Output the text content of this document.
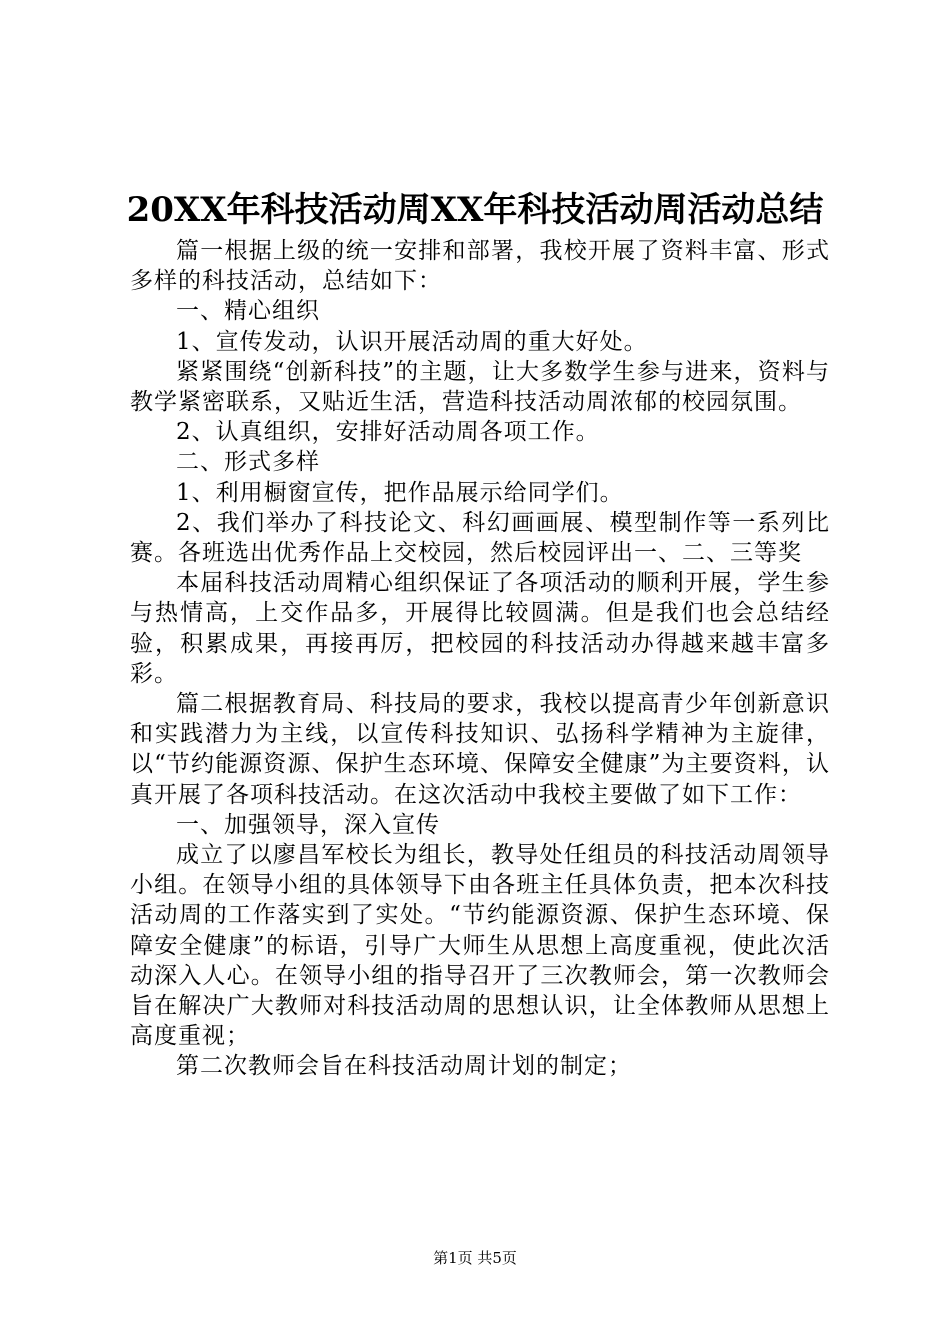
20XX年科技活动周XX年科技活动周活动总结

篇一根据上级的统一安排和部署，我校开展了资料丰富、形式多样的科技活动，总结如下：

一、精心组织

1、宣传发动，认识开展活动周的重大好处。

紧紧围绕“创新科技”的主题，让大多数学生参与进来，资料与教学紧密联系，又贴近生活，营造科技活动周浓郁的校园氛围。

2、认真组织，安排好活动周各项工作。

二、形式多样

1、利用橱窗宣传，把作品展示给同学们。

2、我们举办了科技论文、科幻画画展、模型制作等一系列比赛。各班选出优秀作品上交校园，然后校园评出一、二、三等奖

本届科技活动周精心组织保证了各项活动的顺利开展，学生参与热情高，上交作品多，开展得比较圆满。但是我们也会总结经验，积累成果，再接再厉，把校园的科技活动办得越来越丰富多彩。

篇二根据教育局、科技局的要求，我校以提高青少年创新意识和实践潜力为主线，以宣传科技知识、弘扬科学精神为主旋律，以“节约能源资源、保护生态环境、保障安全健康”为主要资料，认真开展了各项科技活动。在这次活动中我校主要做了如下工作：

一、加强领导，深入宣传

成立了以廖昌军校长为组长，教导处任组员的科技活动周领导小组。在领导小组的具体领导下由各班主任具体负责，把本次科技活动周的工作落实到了实处。“节约能源资源、保护生态环境、保障安全健康”的标语，引导广大师生从思想上高度重视，使此次活动深入人心。在领导小组的指导召开了三次教师会，第一次教师会旨在解决广大教师对科技活动周的思想认识，让全体教师从思想上高度重视；

第二次教师会旨在科技活动周计划的制定；

第1页 共5页
